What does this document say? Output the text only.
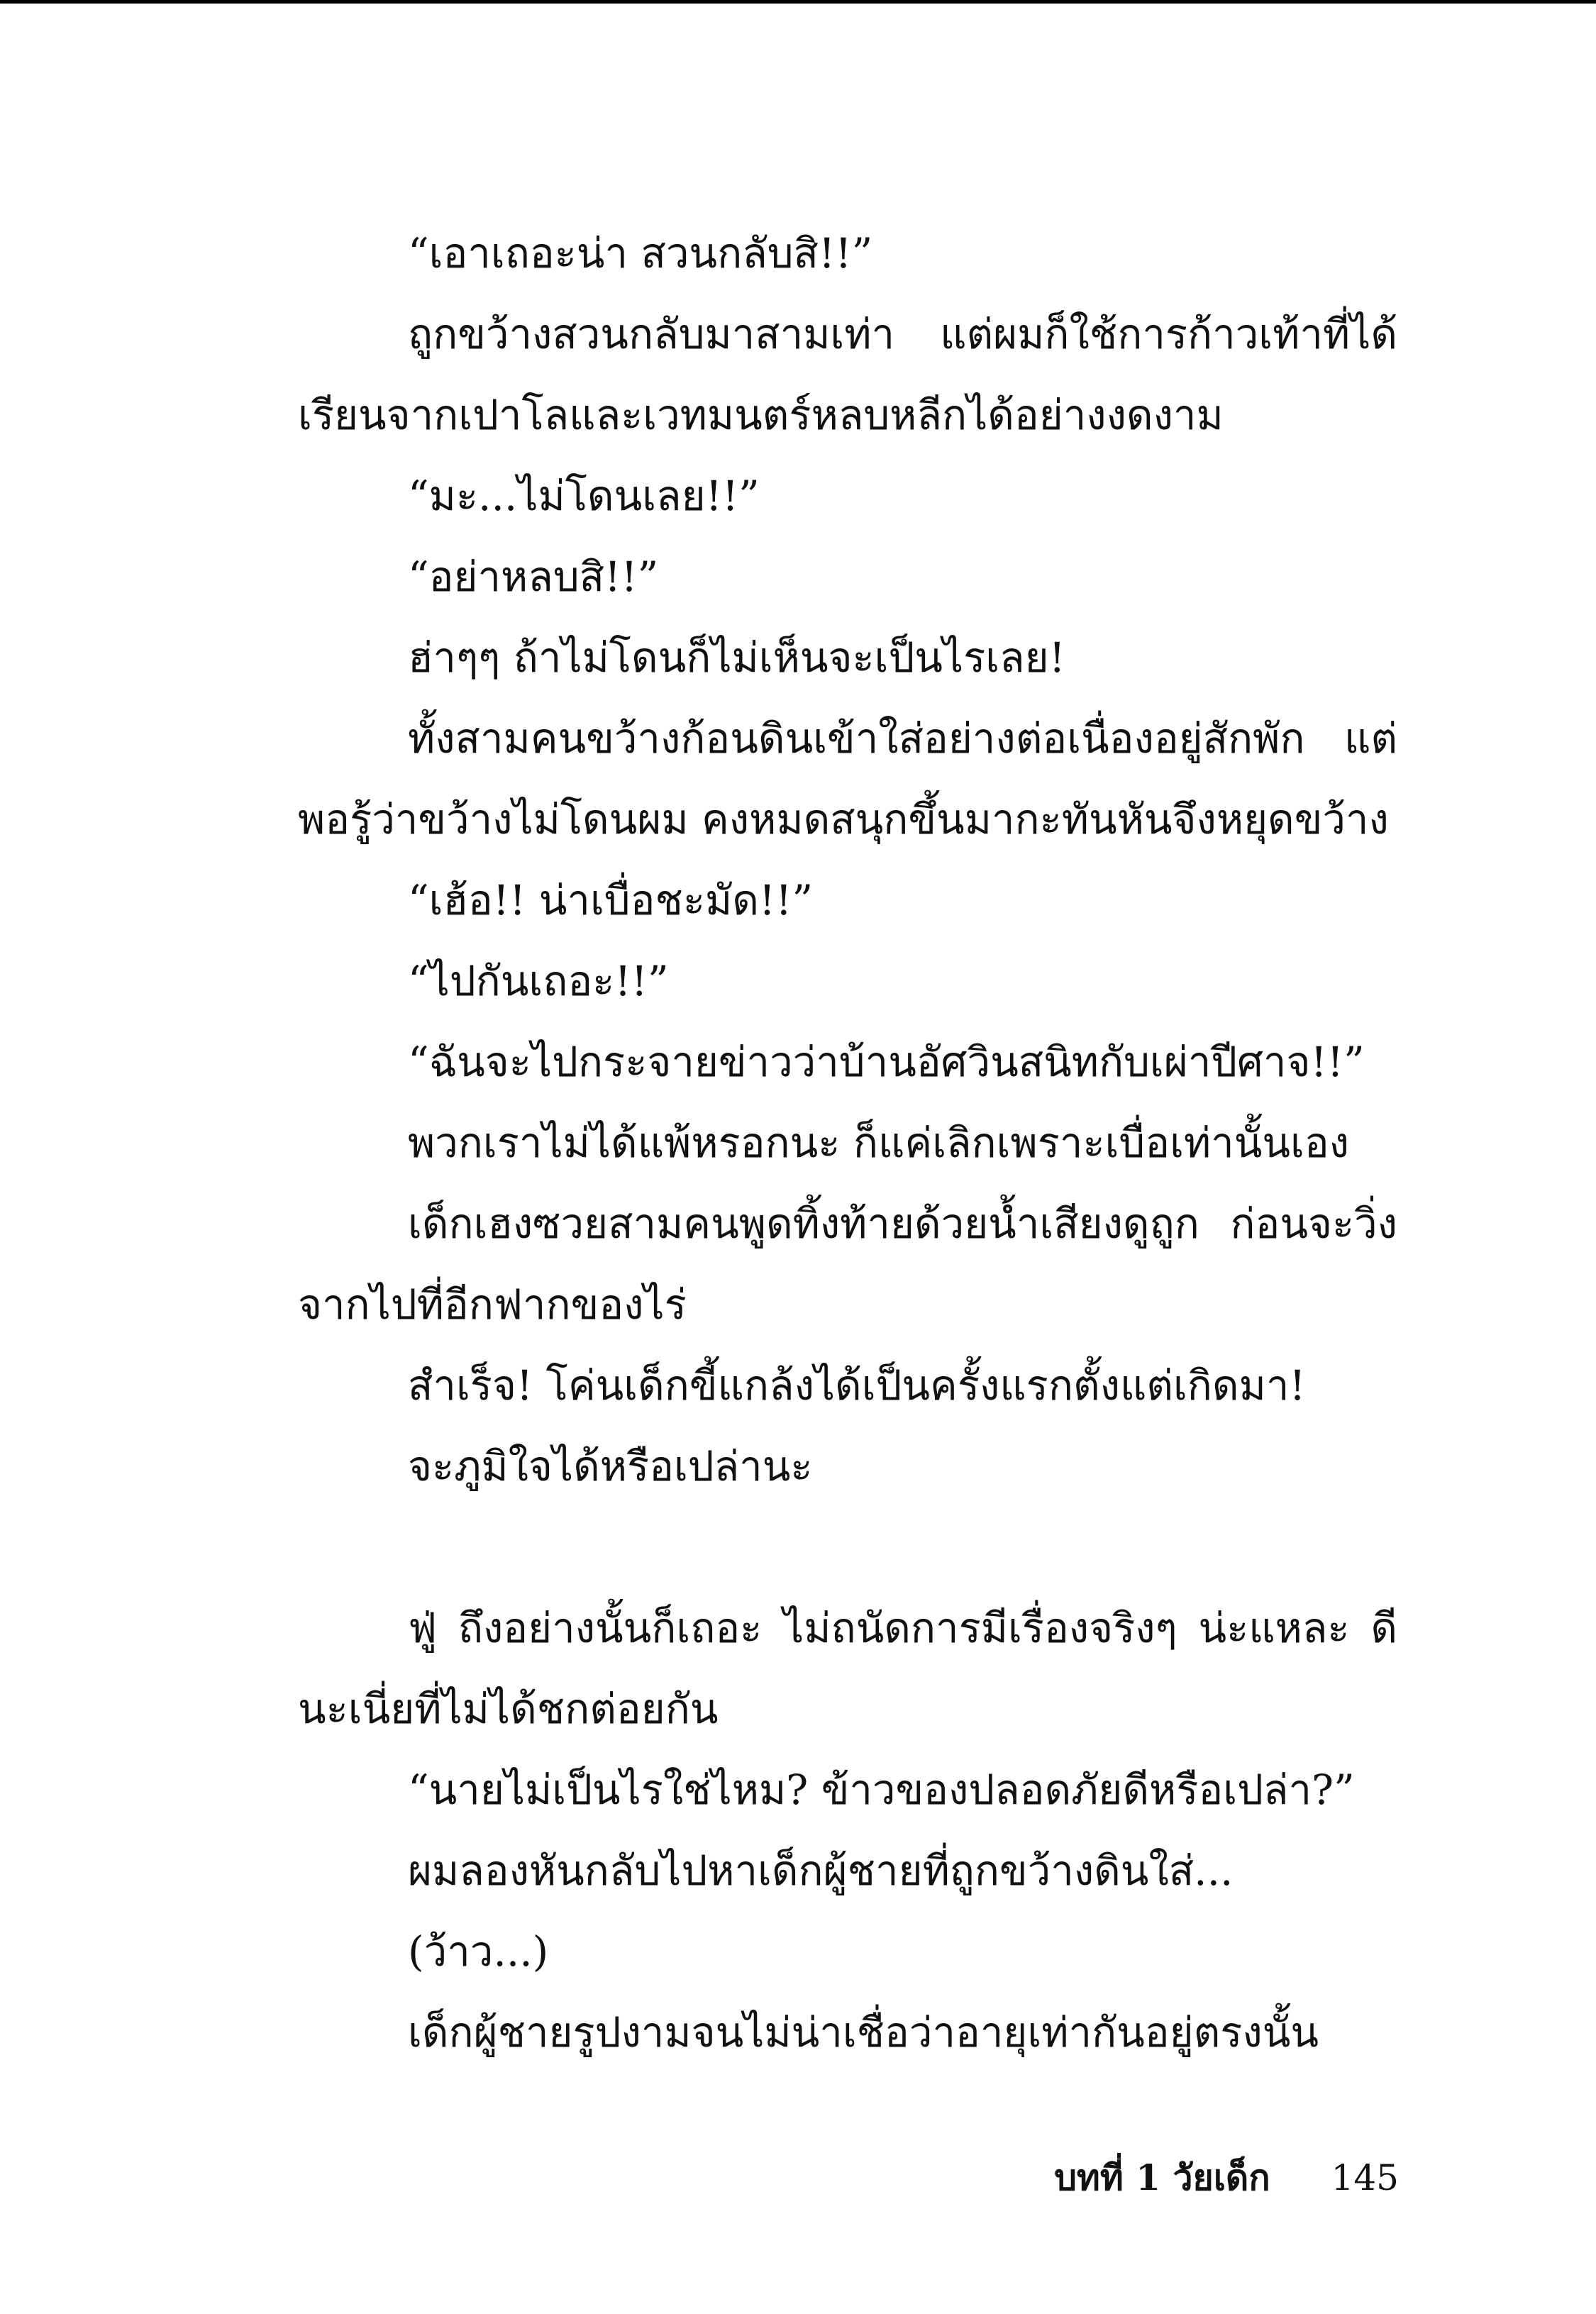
“เอาเถอะน่า สวนกลับสิ!!”

ถูกขว้างสวนกลับมาสามเท่า แต่ผมก็ใช้การก้าวเท้าที่ได้เรียนจากเปาโลและเวทมนตร์หลบหลีกได้อย่างงดงาม

“มะ...ไม่โดนเลย!!”

“อย่าหลบสิ!!”

ฮ่าๆๆ ถ้าไม่โดนก็ไม่เห็นจะเป็นไรเลย!

ทั้งสามคนขว้างก้อนดินเข้าใส่อย่างต่อเนื่องอยู่สักพัก แต่พอรู้ว่าขว้างไม่โดนผม คงหมดสนุกขึ้นมากะทันหันจึงหยุดขว้าง

“เฮ้อ!! น่าเบื่อชะมัด!!”

“ไปกันเถอะ!!”

“ฉันจะไปกระจายข่าวว่าบ้านอัศวินสนิทกับเผ่าปีศาจ!!”

พวกเราไม่ได้แพ้หรอกนะ ก็แค่เลิกเพราะเบื่อเท่านั้นเอง

เด็กเฮงซวยสามคนพูดทิ้งท้ายด้วยน้ำเสียงดูถูก ก่อนจะวิ่งจากไปที่อีกฟากของไร่

สำเร็จ! โค่นเด็กขี้แกล้งได้เป็นครั้งแรกตั้งแต่เกิดมา!

จะภูมิใจได้หรือเปล่านะ

ฟู่ ถึงอย่างนั้นก็เถอะ ไม่ถนัดการมีเรื่องจริงๆ น่ะแหละ ดีนะเนี่ยที่ไม่ได้ชกต่อยกัน

“นายไม่เป็นไรใช่ไหม? ข้าวของปลอดภัยดีหรือเปล่า?”

ผมลองหันกลับไปหาเด็กผู้ชายที่ถูกขว้างดินใส่...

(ว้าว...)

เด็กผู้ชายรูปงามจนไม่น่าเชื่อว่าอายุเท่ากันอยู่ตรงนั้น

บทที่ 1 วัยเด็ก 145
